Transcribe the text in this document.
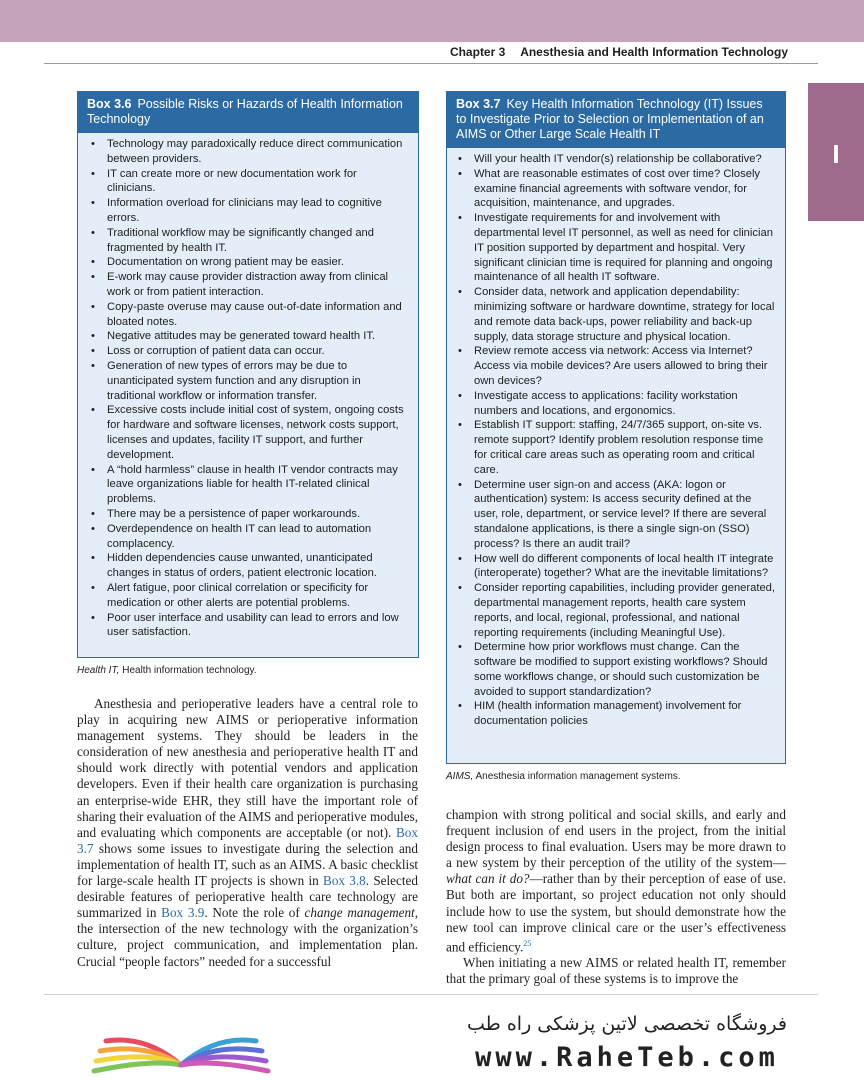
Chapter 3 Anesthesia and Health Information Technology
I
Box 3.6 Possible Risks or Hazards of Health Information Technology
• Technology may paradoxically reduce direct communication between providers.
• IT can create more or new documentation work for clinicians.
• Information overload for clinicians may lead to cognitive errors.
• Traditional workflow may be significantly changed and fragmented by health IT.
• Documentation on wrong patient may be easier.
• E-work may cause provider distraction away from clinical work or from patient interaction.
• Copy-paste overuse may cause out-of-date information and bloated notes.
• Negative attitudes may be generated toward health IT.
• Loss or corruption of patient data can occur.
• Generation of new types of errors may be due to unanticipated system function and any disruption in traditional workflow or information transfer.
• Excessive costs include initial cost of system, ongoing costs for hardware and software licenses, network costs support, licenses and updates, facility IT support, and further development.
• A “hold harmless” clause in health IT vendor contracts may leave organizations liable for health IT-related clinical problems.
• There may be a persistence of paper workarounds.
• Overdependence on health IT can lead to automation complacency.
• Hidden dependencies cause unwanted, unanticipated changes in status of orders, patient electronic location.
• Alert fatigue, poor clinical correlation or specificity for medication or other alerts are potential problems.
• Poor user interface and usability can lead to errors and low user satisfaction.
Health IT, Health information technology.
Box 3.7 Key Health Information Technology (IT) Issues to Investigate Prior to Selection or Implementation of an AIMS or Other Large Scale Health IT
• Will your health IT vendor(s) relationship be collaborative?
• What are reasonable estimates of cost over time? Closely examine financial agreements with software vendor, for acquisition, maintenance, and upgrades.
• Investigate requirements for and involvement with departmental level IT personnel, as well as need for clinician IT position supported by department and hospital. Very significant clinician time is required for planning and ongoing maintenance of all health IT software.
• Consider data, network and application dependability: minimizing software or hardware downtime, strategy for local and remote data back-ups, power reliability and back-up supply, data storage structure and physical location.
• Review remote access via network: Access via Internet? Access via mobile devices? Are users allowed to bring their own devices?
• Investigate access to applications: facility workstation numbers and locations, and ergonomics.
• Establish IT support: staffing, 24/7/365 support, on-site vs. remote support? Identify problem resolution response time for critical care areas such as operating room and critical care.
• Determine user sign-on and access (AKA: logon or authentication) system: Is access security defined at the user, role, department, or service level? If there are several standalone applications, is there a single sign-on (SSO) process? Is there an audit trail?
• How well do different components of local health IT integrate (interoperate) together? What are the inevitable limitations?
• Consider reporting capabilities, including provider generated, departmental management reports, health care system reports, and local, regional, professional, and national reporting requirements (including Meaningful Use).
• Determine how prior workflows must change. Can the software be modified to support existing workflows? Should some workflows change, or should such customization be avoided to support standardization?
• HIM (health information management) involvement for documentation policies
AIMS, Anesthesia information management systems.
Anesthesia and perioperative leaders have a central role to play in acquiring new AIMS or perioperative information management systems. They should be leaders in the consideration of new anesthesia and perioperative health IT and should work directly with potential vendors and application developers. Even if their health care organization is purchasing an enterprise-wide EHR, they still have the important role of sharing their evaluation of the AIMS and perioperative modules, and evaluating which components are acceptable (or not). Box 3.7 shows some issues to investigate during the selection and implementation of health IT, such as an AIMS. A basic checklist for large-scale health IT projects is shown in Box 3.8. Selected desirable features of perioperative health care technology are summarized in Box 3.9. Note the role of change management, the intersection of the new technology with the organization’s culture, project communication, and implementation plan. Crucial “people factors” needed for a successful

champion with strong political and social skills, and early and frequent inclusion of end users in the project, from the initial design process to final evaluation. Users may be more drawn to a new system by their perception of the utility of the system—what can it do?—rather than by their perception of ease of use. But both are important, so project education not only should include how to use the system, but should demonstrate how the new tool can improve clinical care or the user’s effectiveness and efficiency.$^{25}$

When initiating a new AIMS or related health IT, remember that the primary goal of these systems is to improve the

فروشگاه تخصصی لاتین پزشکی راه طب
www.RaheTeb.com
